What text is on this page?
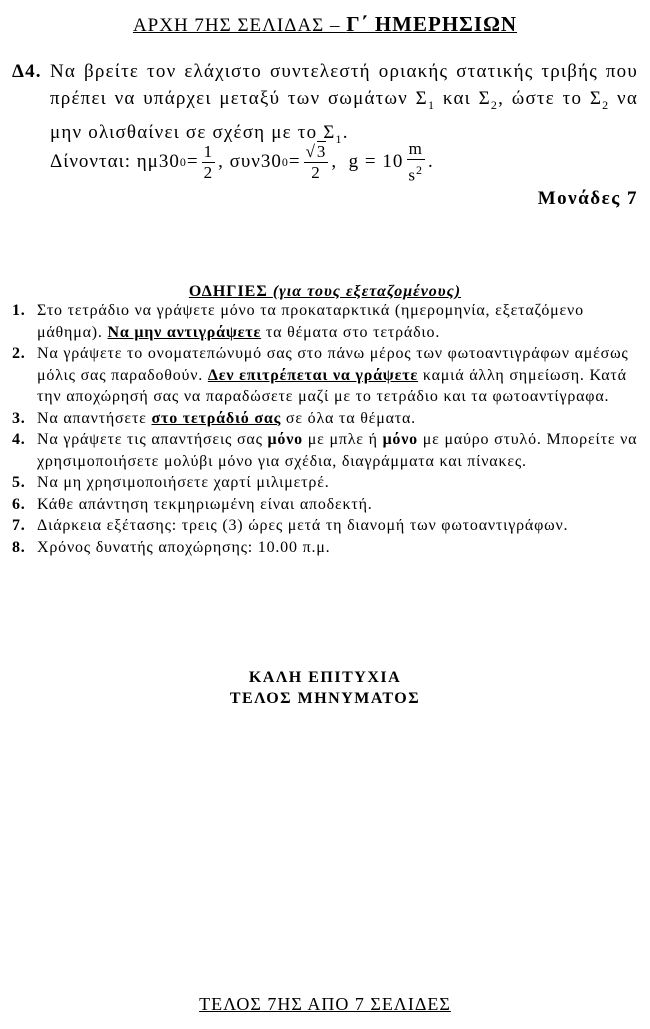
ΑΡΧΗ 7ΗΣ ΣΕΛΙΔΑΣ – Γ΄ ΗΜΕΡΗΣΙΩΝ
Δ4. Να βρείτε τον ελάχιστο συντελεστή οριακής στατικής τριβής που πρέπει να υπάρχει μεταξύ των σωμάτων $\Sigma_1$ και $\Sigma_2$, ώστε το $\Sigma_2$ να μην ολισθαίνει σε σχέση με το $\Sigma_1$.
Δίνονται:
ημ30 $0 = \frac{1}{2}$ ,
συν30 $0 = \frac{√3}{2}$ ,
$g = 10 \frac{m}{s^2}$ .
Μονάδες 7
ΟΔΗΓΙΕΣ (για τους εξεταζομένους)
1. Στο τετράδιο να γράψετε μόνο τα προκαταρκτικά (ημερομηνία, εξεταζόμενο μάθημα). Να μην αντιγράψετε τα θέματα στο τετράδιο.
2. Να γράψετε το ονοματεπώνυμό σας στο πάνω μέρος των φωτοαντιγράφων αμέσως μόλις σας παραδοθούν. Δεν επιτρέπεται να γράψετε καμιά άλλη σημείωση. Κατά την αποχώρησή σας να παραδώσετε μαζί με το τετράδιο και τα φωτοαντίγραφα.
3. Να απαντήσετε στο τετράδιό σας σε όλα τα θέματα.
4. Να γράψετε τις απαντήσεις σας μόνο με μπλε ή μόνο με μαύρο στυλό. Μπορείτε να χρησιμοποιήσετε μολύβι μόνο για σχέδια, διαγράμματα και πίνακες.
5. Να μη χρησιμοποιήσετε χαρτί μιλιμετρέ.
6. Κάθε απάντηση τεκμηριωμένη είναι αποδεκτή.
7. Διάρκεια εξέτασης: τρεις (3) ώρες μετά τη διανομή των φωτοαντιγράφων.
8. Χρόνος δυνατής αποχώρησης: 10.00 π.μ.
ΚΑΛΗ ΕΠΙΤΥΧΙΑ
ΤΕΛΟΣ ΜΗΝΥΜΑΤΟΣ
ΤΕΛΟΣ 7ΗΣ ΑΠΟ 7 ΣΕΛΙΔΕΣ
